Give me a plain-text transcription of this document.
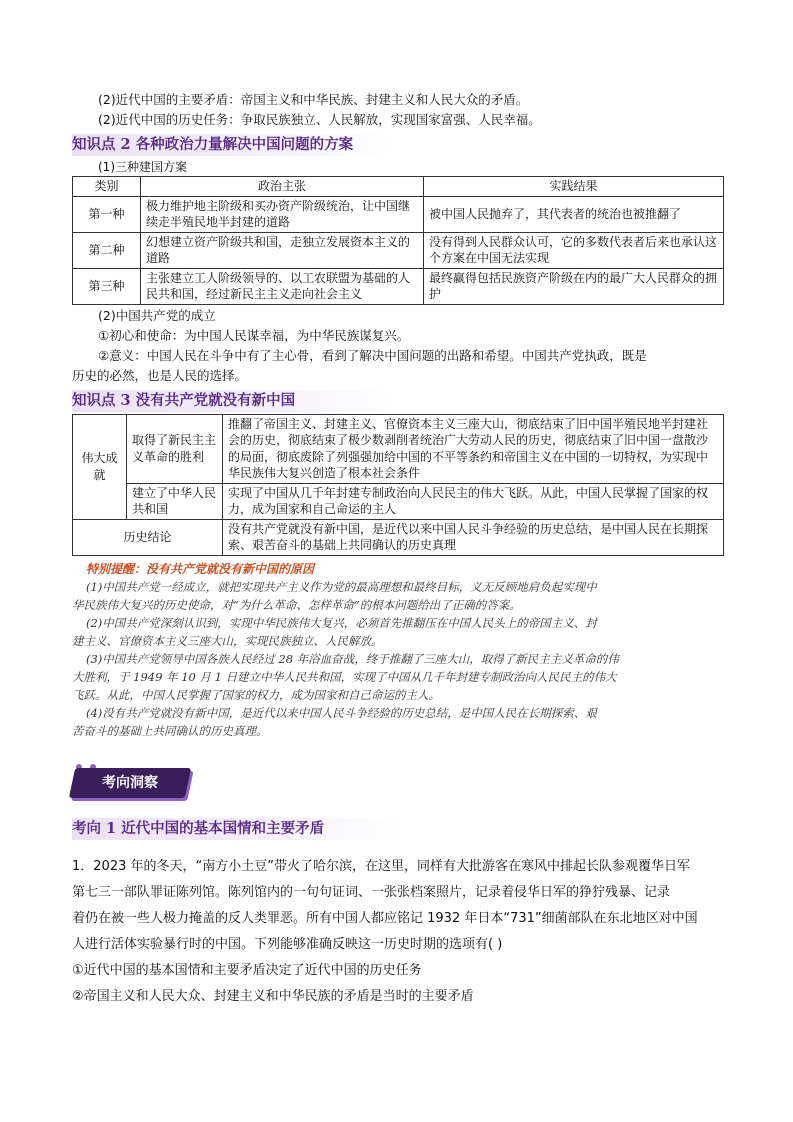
(2)近代中国的主要矛盾：帝国主义和中华民族、封建主义和人民大众的矛盾。
(2)近代中国的历史任务：争取民族独立、人民解放，实现国家富强、人民幸福。
知识点 2 各种政治力量解决中国问题的方案
(1)三种建国方案
类别	政治主张	实践结果
第一种	极力维护地主阶级和买办资产阶级统治，让中国继续走半殖民地半封建的道路	被中国人民抛弃了，其代表者的统治也被推翻了
第二种	幻想建立资产阶级共和国，走独立发展资本主义的道路	没有得到人民群众认可，它的多数代表者后来也承认这个方案在中国无法实现
第三种	主张建立工人阶级领导的、以工农联盟为基础的人民共和国，经过新民主主义走向社会主义	最终赢得包括民族资产阶级在内的最广大人民群众的拥护
(2)中国共产党的成立
①初心和使命：为中国人民谋幸福，为中华民族谋复兴。
②意义：中国人民在斗争中有了主心骨，看到了解决中国问题的出路和希望。中国共产党执政，既是
历史的必然，也是人民的选择。
知识点 3 没有共产党就没有新中国
伟大成就	取得了新民主主义革命的胜利	推翻了帝国主义、封建主义、官僚资本主义三座大山，彻底结束了旧中国半殖民地半封建社会的历史，彻底结束了极少数剥削者统治广大劳动人民的历史，彻底结束了旧中国一盘散沙的局面，彻底废除了列强强加给中国的不平等条约和帝国主义在中国的一切特权，为实现中华民族伟大复兴创造了根本社会条件
	建立了中华人民共和国	实现了中国从几千年封建专制政治向人民民主的伟大飞跃。从此，中国人民掌握了国家的权力，成为国家和自己命运的主人
历史结论		没有共产党就没有新中国，是近代以来中国人民斗争经验的历史总结，是中国人民在长期探索、艰苦奋斗的基础上共同确认的历史真理
特别提醒：没有共产党就没有新中国的原因

(1)中国共产党一经成立，就把实现共产主义作为党的最高理想和最终目标，义无反顾地肩负起实现中

华民族伟大复兴的历史使命，对“为什么革命、怎样革命”的根本问题给出了正确的答案。

(2)中国共产党深刻认识到，实现中华民族伟大复兴，必须首先推翻压在中国人民头上的帝国主义、封

建主义、官僚资本主义三座大山，实现民族独立、人民解放。

(3)中国共产党领导中国各族人民经过 28 年浴血奋战，终于推翻了三座大山，取得了新民主主义革命的伟

大胜利，于 1949 年 10 月 1 日建立中华人民共和国，实现了中国从几千年封建专制政治向人民民主的伟大

飞跃。从此，中国人民掌握了国家的权力，成为国家和自己命运的主人。

(4)没有共产党就没有新中国，是近代以来中国人民斗争经验的历史总结，是中国人民在长期探索、艰

苦奋斗的基础上共同确认的历史真理。

考向洞察
考向 1 近代中国的基本国情和主要矛盾

1．2023 年的冬天，“南方小土豆”带火了哈尔滨，在这里，同样有大批游客在寒风中排起长队参观覆华日军

第七三一部队罪证陈列馆。陈列馆内的一句句证词、一张张档案照片，记录着侵华日军的狰狞残暴、记录

着仍在被一些人极力掩盖的反人类罪恶。所有中国人都应铭记 1932 年日本“731”细菌部队在东北地区对中国

人进行活体实验暴行时的中国。下列能够准确反映这一历史时期的选项有( )

①近代中国的基本国情和主要矛盾决定了近代中国的历史任务

②帝国主义和人民大众、封建主义和中华民族的矛盾是当时的主要矛盾
